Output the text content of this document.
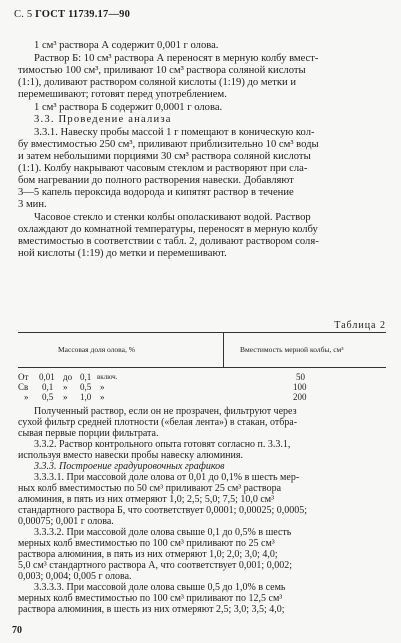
С. 5 ГОСТ 11739.17—90
1 см³ раствора А содержит 0,001 г олова.
Раствор Б: 10 см³ раствора А переносят в мерную колбу вмест-
тимостью 100 см³, приливают 10 см³ раствора соляной кислоты
(1:1), доливают раствором соляной кислоты (1:19) до метки и
перемешивают; готовят перед употреблением.
1 см³ раствора Б содержит 0,0001 г олова.
3.3. Проведение анализа
3.3.1. Навеску пробы массой 1 г помещают в коническую кол-
бу вместимостью 250 см³, приливают приблизительно 10 см³ воды
и затем небольшими порциями 30 см³ раствора соляной кислоты
(1:1). Колбу накрывают часовым стеклом и растворяют при сла-
бом нагревании до полного растворения навески. Добавляют
3—5 капель пероксида водорода и кипятят раствор в течение
3 мин.
Часовое стекло и стенки колбы ополаскивают водой. Раствор
охлаждают до комнатной температуры, переносят в мерную колбу
вместимостью в соответствии с табл. 2, доливают раствором соля-
ной кислоты (1:19) до метки и перемешивают.
Таблица 2
Массовая доля олова, %	Вместимость мерной колбы, см³
От 0,01 до 0,1 включ.	50
Св 0,1 » 0,5 »	100
» 0,5 » 1,0 »	200
Полученный раствор, если он не прозрачен, фильтруют через
сухой фильтр средней плотности («белая лента») в стакан, отбра-
сывая первые порции фильтрата.
3.3.2. Раствор контрольного опыта готовят согласно п. 3.3.1,
используя вместо навески пробы навеску алюминия.
3.3.3. Построение градуировочных графиков
3.3.3.1. При массовой доле олова от 0,01 до 0,1% в шесть мер-
ных колб вместимостью по 50 см³ приливают 25 см³ раствора
алюминия, в пять из них отмеряют 1,0; 2,5; 5,0; 7,5; 10,0 см³
стандартного раствора Б, что соответствует 0,0001; 0,00025; 0,0005;
0,00075; 0,001 г олова.
3.3.3.2. При массовой доле олова свыше 0,1 до 0,5% в шесть
мерных колб вместимостью по 100 см³ приливают по 25 см³
70
раствора алюминия, в пять из них отмеряют 1,0; 2,0; 3,0; 4,0;
5,0 см³ стандартного раствора А, что соответствует 0,001; 0,002;
0,003; 0,004; 0,005 г олова.
3.3.3.3. При массовой доле олова свыше 0,5 до 1,0% в семь
мерных колб вместимостью по 100 см³ приливают по 12,5 см³
раствора алюминия, в шесть из них отмеряют 2,5; 3,0; 3,5; 4,0;
